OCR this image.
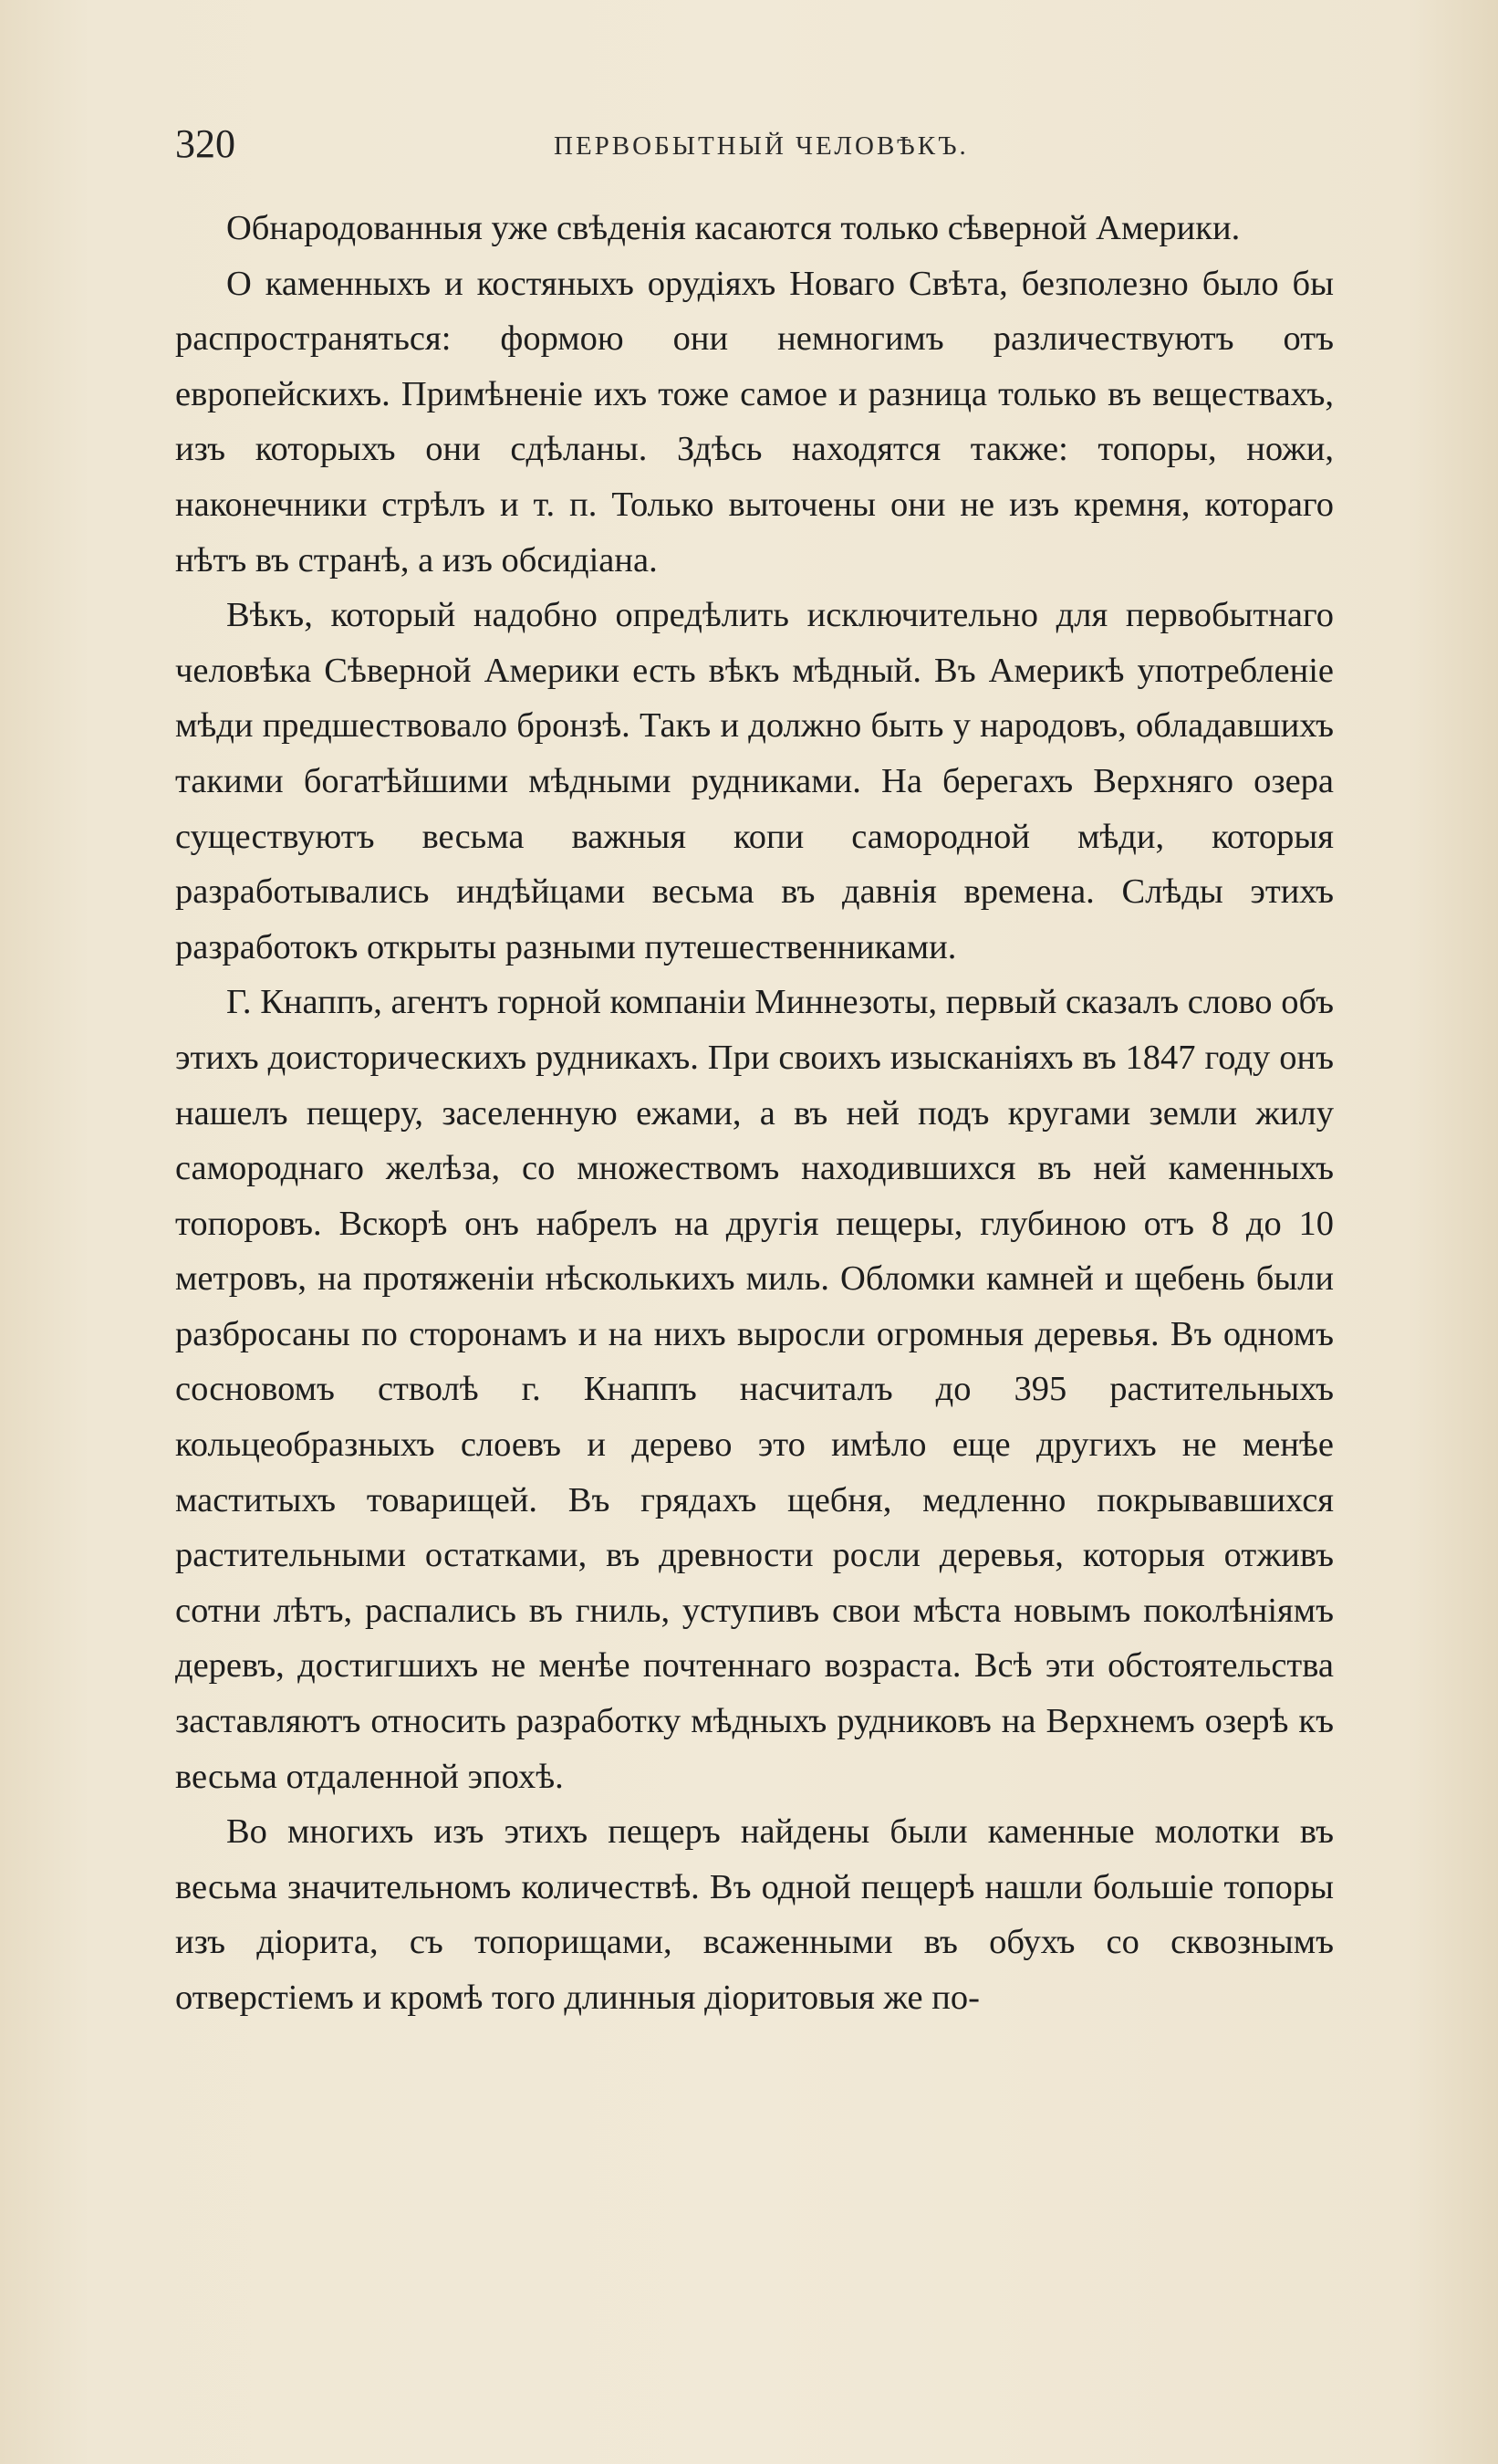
320	ПЕРВОБЫТНЫЙ ЧЕЛОВѢКЪ.

Обнародованныя уже свѣденія касаются только сѣверной Америки.

О каменныхъ и костяныхъ орудіяхъ Новаго Свѣта, безполезно было бы распространяться: формою они немногимъ различествуютъ отъ европейскихъ. Примѣненіе ихъ тоже самое и разница только въ веществахъ, изъ которыхъ они сдѣланы. Здѣсь находятся также: топоры, ножи, наконечники стрѣлъ и т. п. Только выточены они не изъ кремня, котораго нѣтъ въ странѣ, а изъ обсидіана.

Вѣкъ, который надобно опредѣлить исключительно для первобытнаго человѣка Сѣверной Америки есть вѣкъ мѣдный. Въ Америкѣ употребленіе мѣди предшествовало бронзѣ. Такъ и должно быть у народовъ, обладавшихъ такими богатѣйшими мѣдными рудниками. На берегахъ Верхняго озера существуютъ весьма важныя копи самородной мѣди, которыя разработывались индѣйцами весьма въ давнія времена. Слѣды этихъ разработокъ открыты разными путешественниками.

Г. Кнаппъ, агентъ горной компаніи Миннезоты, первый сказалъ слово объ этихъ доисторическихъ рудникахъ. При своихъ изысканіяхъ въ 1847 году онъ нашелъ пещеру, заселенную ежами, а въ ней подъ кругами земли жилу самороднаго желѣза, со множествомъ находившихся въ ней каменныхъ топоровъ. Вскорѣ онъ набрелъ на другія пещеры, глубиною отъ 8 до 10 метровъ, на протяженіи нѣсколькихъ миль. Обломки камней и щебень были разбросаны по сторонамъ и на нихъ выросли огромныя деревья. Въ одномъ сосновомъ стволѣ г. Кнаппъ насчиталъ до 395 растительныхъ кольцеобразныхъ слоевъ и дерево это имѣло еще другихъ не менѣе маститыхъ товарищей. Въ грядахъ щебня, медленно покрывавшихся растительными остатками, въ древности росли деревья, которыя отживъ сотни лѣтъ, распались въ гниль, уступивъ свои мѣста новымъ поколѣніямъ деревъ, достигшихъ не менѣе почтеннаго возраста. Всѣ эти обстоятельства заставляютъ относить разработку мѣдныхъ рудниковъ на Верхнемъ озерѣ къ весьма отдаленной эпохѣ.

Во многихъ изъ этихъ пещеръ найдены были каменные молотки въ весьма значительномъ количествѣ. Въ одной пещерѣ нашли большіе топоры изъ діорита, съ топорищами, всаженными въ обухъ со сквознымъ отверстіемъ и кромѣ того длинныя діоритовыя же по-
